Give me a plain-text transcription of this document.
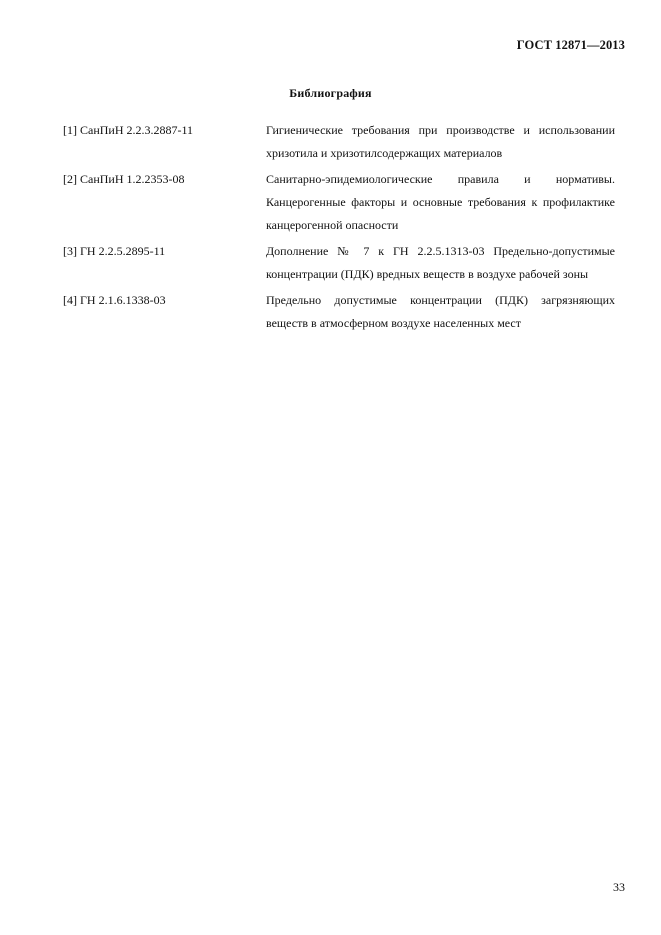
ГОСТ 12871—2013
Библиография
[1] СанПиН 2.2.3.2887-11	Гигиенические требования при производстве и использовании хризотила и хризотилсодержащих материалов
[2] СанПиН 1.2.2353-08	Санитарно-эпидемиологические правила и нормативы. Канцерогенные факторы и основные требования к профилактике канцерогенной опасности
[3] ГН 2.2.5.2895-11	Дополнение № 7 к ГН 2.2.5.1313-03 Предельно-допустимые концентрации (ПДК) вредных веществ в воздухе рабочей зоны
[4] ГН 2.1.6.1338-03	Предельно допустимые концентрации (ПДК) загрязняющих веществ в атмосферном воздухе населенных мест
33
